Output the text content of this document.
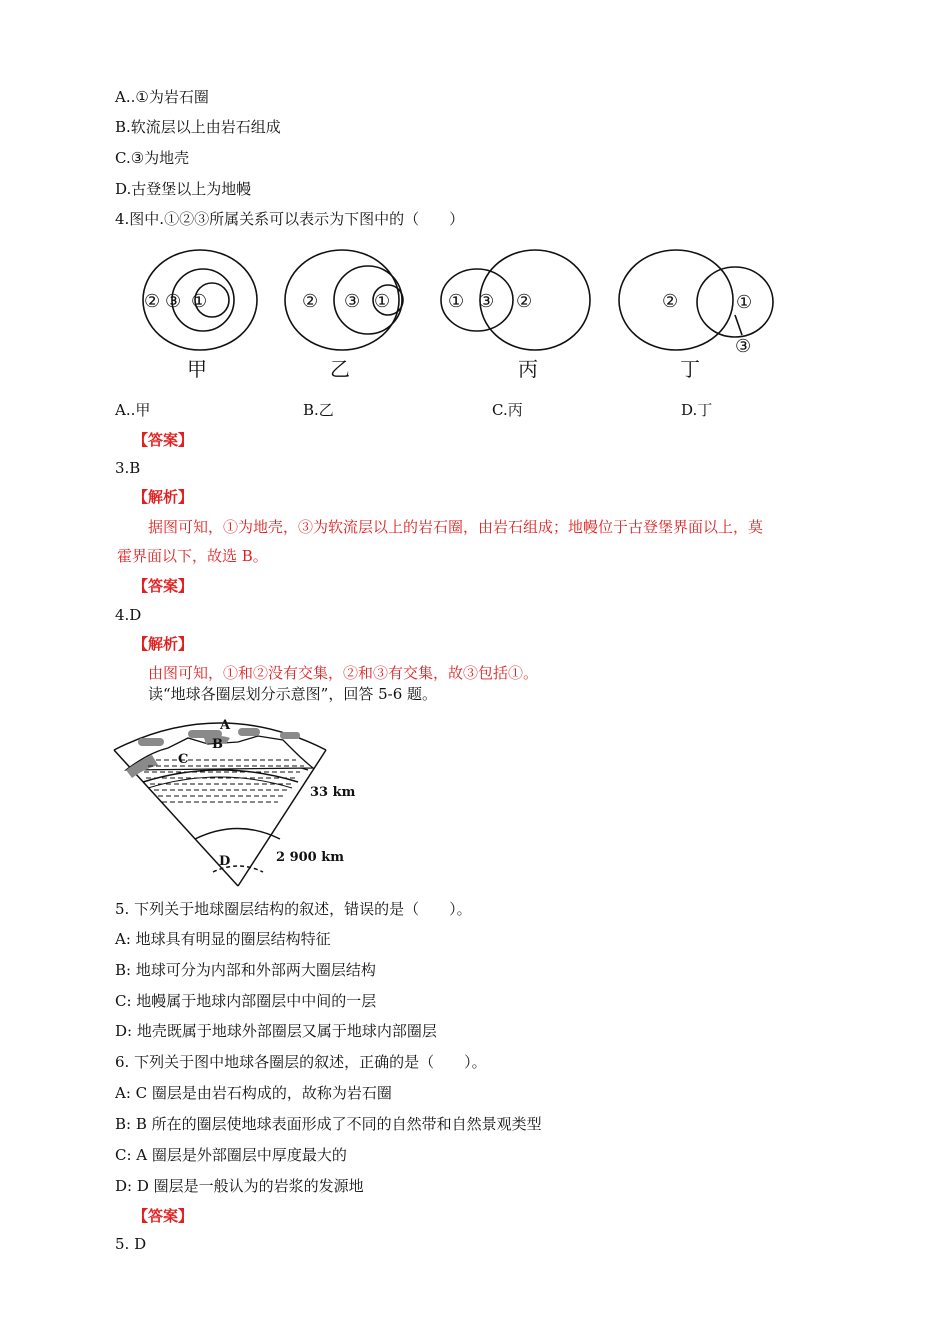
A..①为岩石圈
B.软流层以上由岩石组成
C.③为地壳
D.古登堡以上为地幔
4.图中.①②③所属关系可以表示为下图中的（　　）
② ③ ①	② ③ ①	① ③ ②	②	①
③
甲	乙	丙	丁
A..甲	B.乙	C.丙	D.丁
【答案】
3.B
【解析】
据图可知，①为地壳，③为软流层以上的岩石圈，由岩石组成；地幔位于古登堡界面以上，莫
霍界面以下，故选 B。
【答案】
4.D
【解析】
由图可知，①和②没有交集，②和③有交集，故③包括①。
读“地球各圈层划分示意图”，回答 5-6 题。
A
B
C
D
33 km
2 900 km
5. 下列关于地球圈层结构的叙述，错误的是（　　）。
A: 地球具有明显的圈层结构特征
B: 地球可分为内部和外部两大圈层结构
C: 地幔属于地球内部圈层中中间的一层
D: 地壳既属于地球外部圈层又属于地球内部圈层
6. 下列关于图中地球各圈层的叙述，正确的是（　　）。
A: C 圈层是由岩石构成的，故称为岩石圈
B: B 所在的圈层使地球表面形成了不同的自然带和自然景观类型
C: A 圈层是外部圈层中厚度最大的
D: D 圈层是一般认为的岩浆的发源地
【答案】
5. D
